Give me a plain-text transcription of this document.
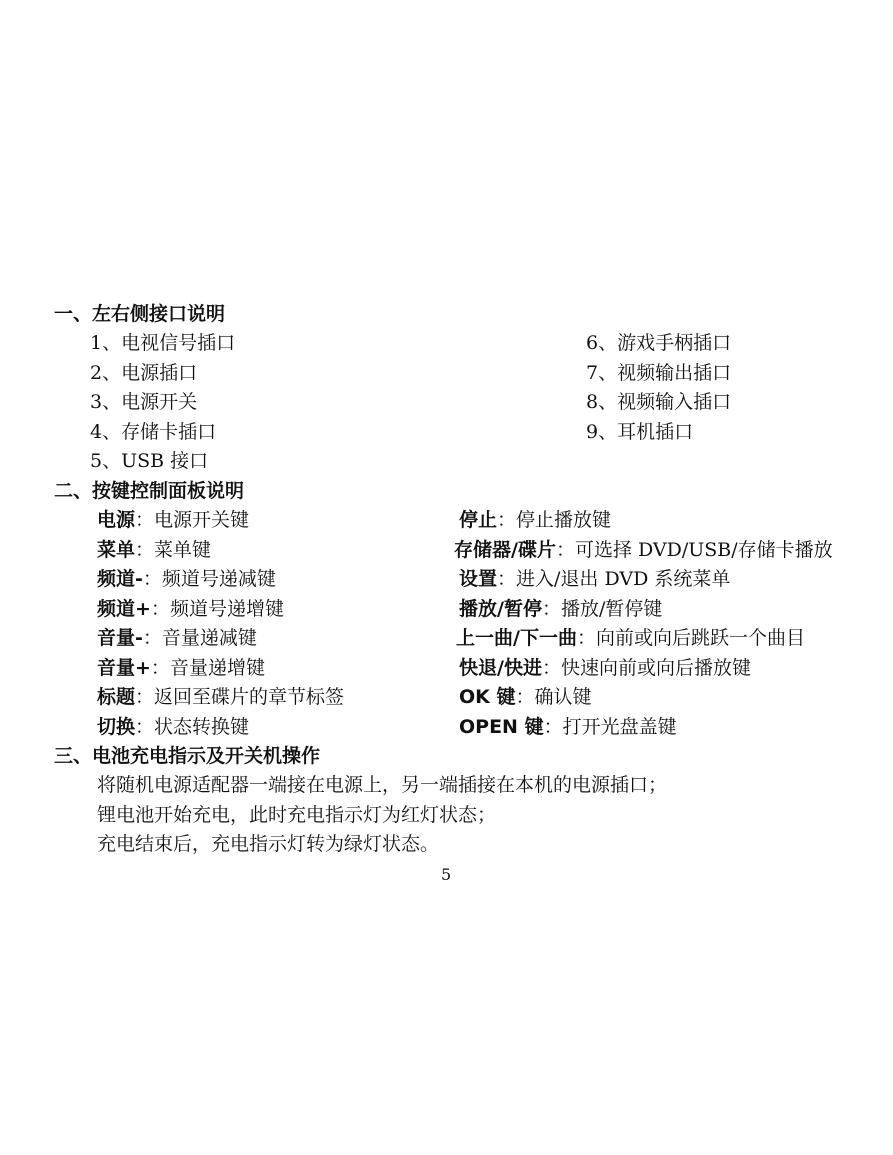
一、左右侧接口说明
1、电视信号插口
2、电源插口
3、电源开关
4、存储卡插口
5、USB 接口
6、游戏手柄插口
7、视频输出插口
8、视频输入插口
9、耳机插口
二、按键控制面板说明
电源：电源开关键
菜单：菜单键
频道-：频道号递减键
频道+：频道号递增键
音量-：音量递减键
音量+：音量递增键
标题：返回至碟片的章节标签
切换：状态转换键
停止：停止播放键
存储器/碟片：可选择 DVD/USB/存储卡播放
设置：进入/退出 DVD 系统菜单
播放/暂停：播放/暂停键
上一曲/下一曲：向前或向后跳跃一个曲目
快退/快进：快速向前或向后播放键
OK 键：确认键
OPEN 键：打开光盘盖键
三、电池充电指示及开关机操作
将随机电源适配器一端接在电源上，另一端插接在本机的电源插口；
锂电池开始充电，此时充电指示灯为红灯状态；
充电结束后，充电指示灯转为绿灯状态。
5
